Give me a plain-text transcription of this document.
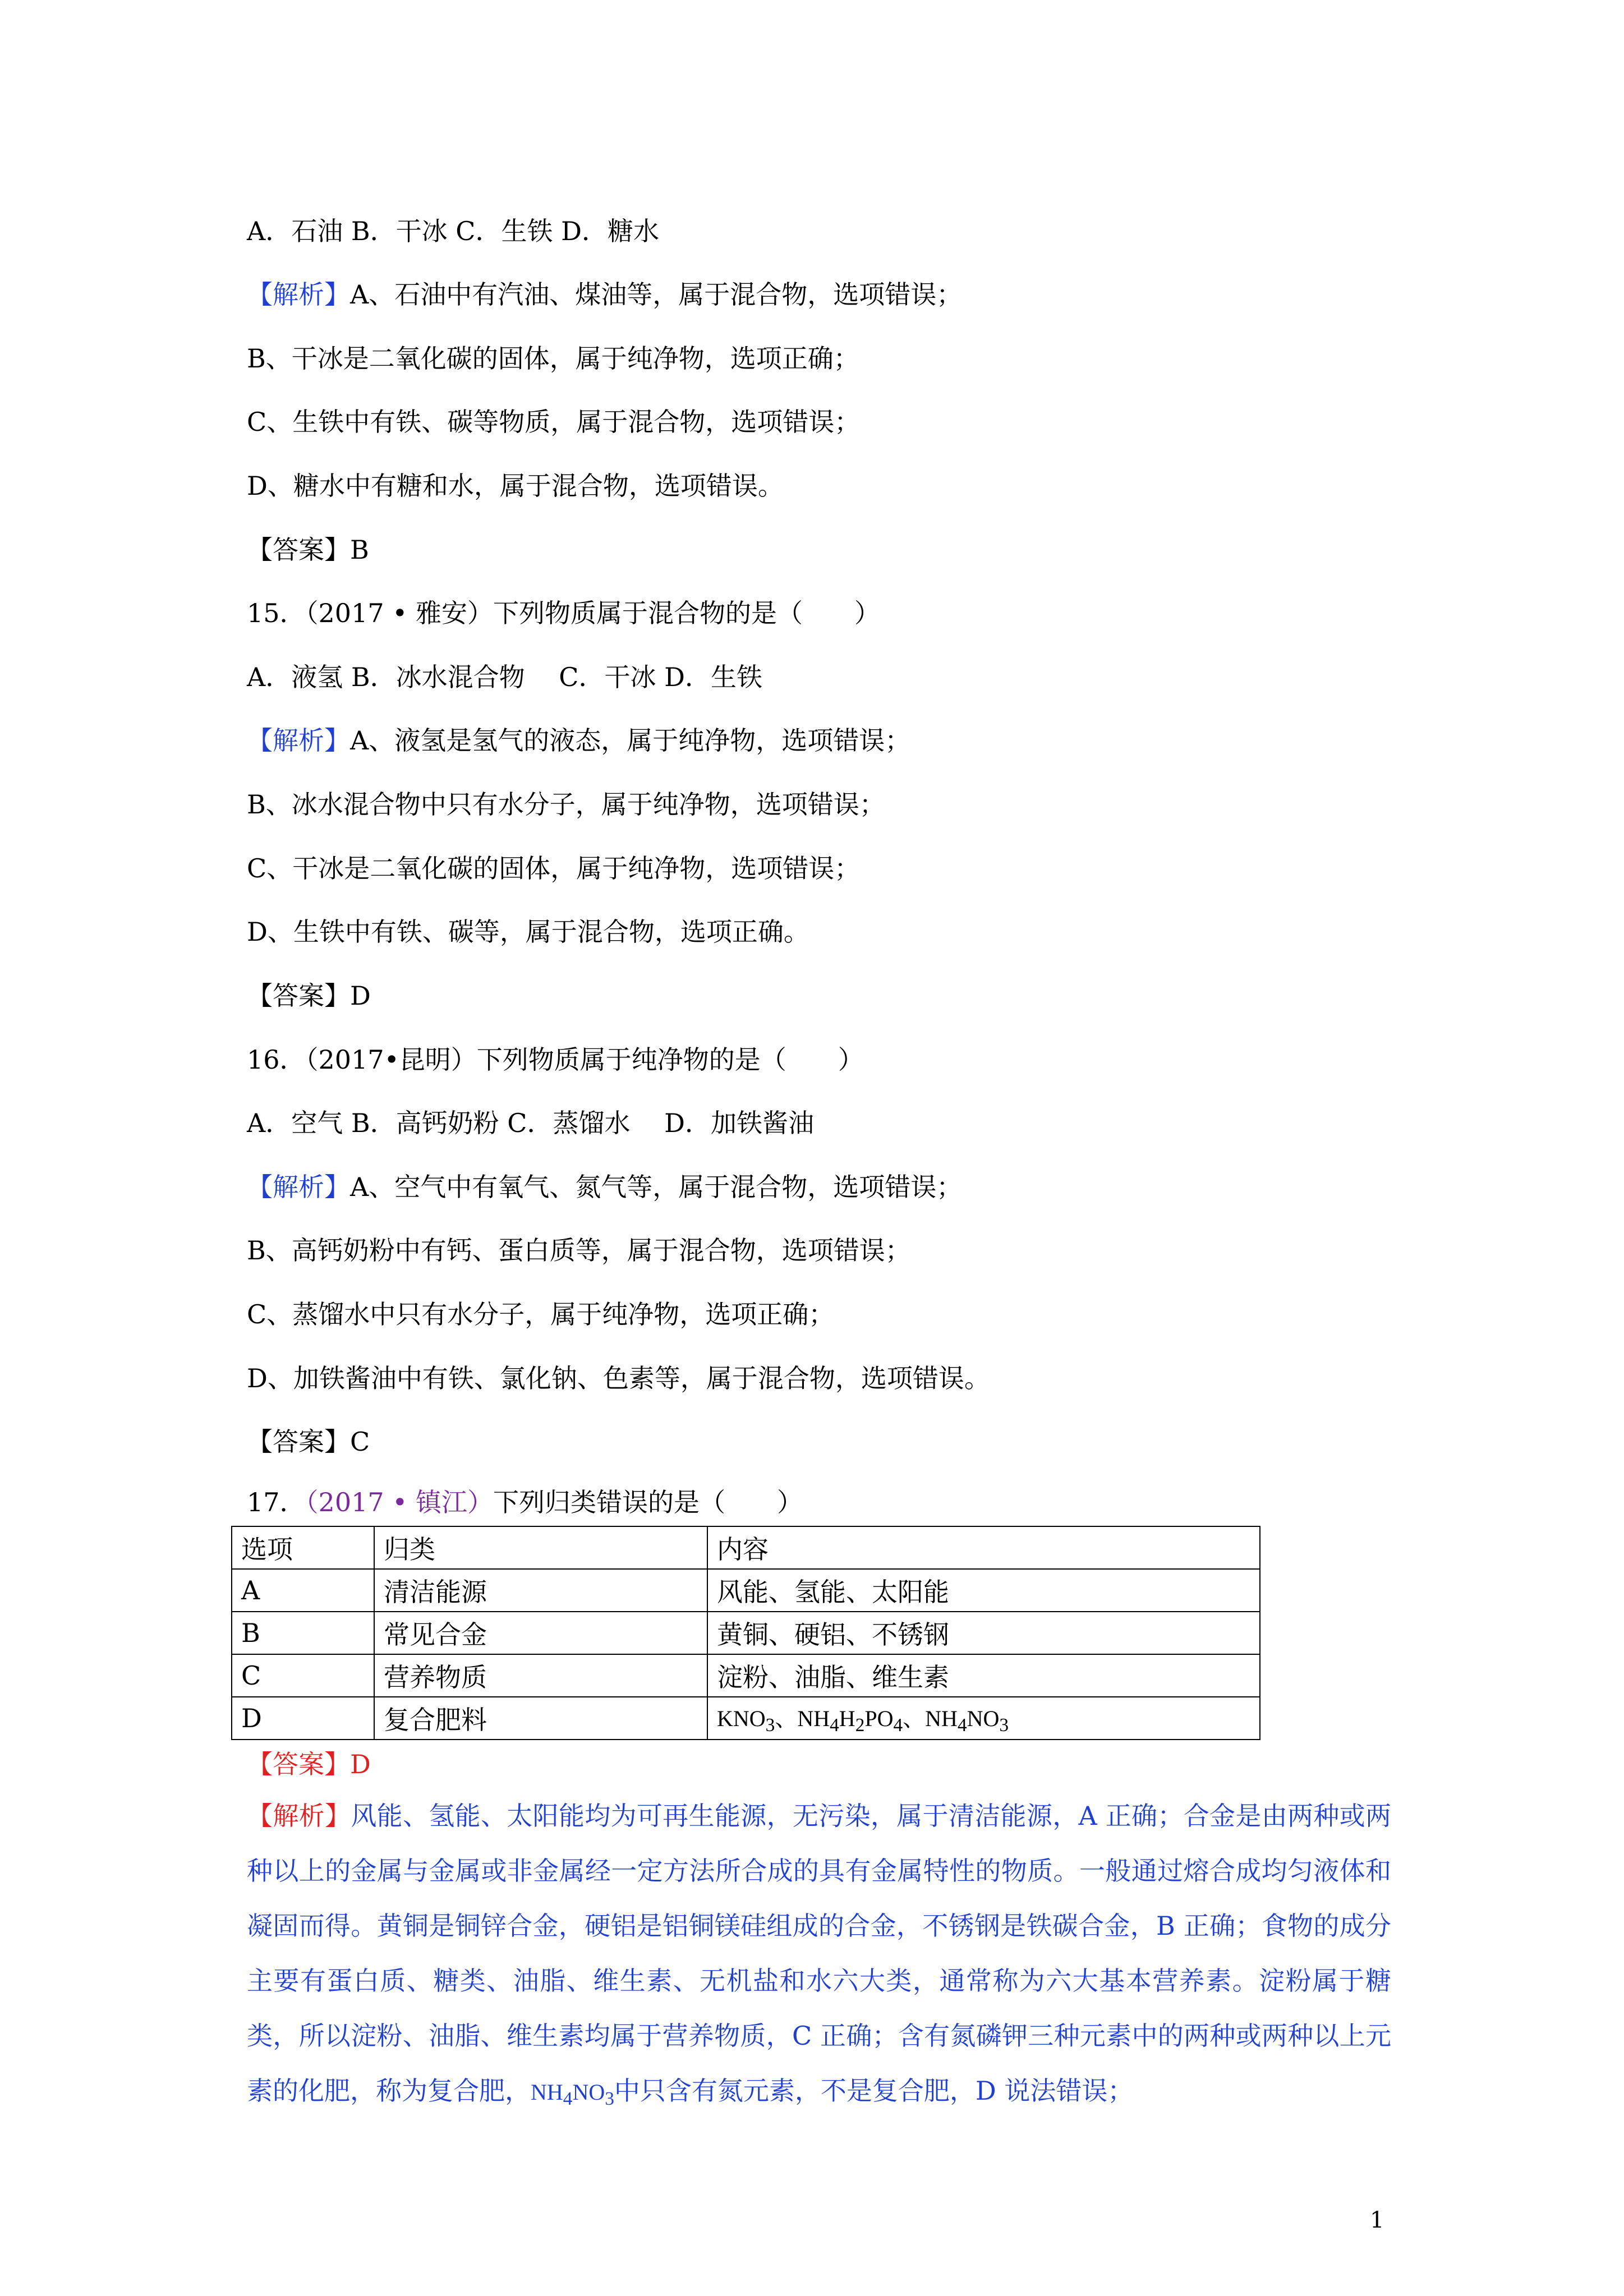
A．石油 B．干冰 C．生铁 D．糖水
【解析】A、石油中有汽油、煤油等，属于混合物，选项错误；
B、干冰是二氧化碳的固体，属于纯净物，选项正确；
C、生铁中有铁、碳等物质，属于混合物，选项错误；
D、糖水中有糖和水，属于混合物，选项错误。
【答案】B
15．（2017 • 雅安）下列物质属于混合物的是（　　）
A．液氢 B．冰水混合物　 C．干冰 D．生铁
【解析】A、液氢是氢气的液态，属于纯净物，选项错误；
B、冰水混合物中只有水分子，属于纯净物，选项错误；
C、干冰是二氧化碳的固体，属于纯净物，选项错误；
D、生铁中有铁、碳等，属于混合物，选项正确。
【答案】D
16．（2017•昆明）下列物质属于纯净物的是（　　）
A．空气 B．高钙奶粉 C．蒸馏水　 D．加铁酱油
【解析】A、空气中有氧气、氮气等，属于混合物，选项错误；
B、高钙奶粉中有钙、蛋白质等，属于混合物，选项错误；
C、蒸馏水中只有水分子，属于纯净物，选项正确；
D、加铁酱油中有铁、氯化钠、色素等，属于混合物，选项错误。
【答案】C
17．（2017 • 镇江）下列归类错误的是（　　）
选项	归类	内容
A	清洁能源	风能、氢能、太阳能
B	常见合金	黄铜、硬铝、不锈钢
C	营养物质	淀粉、油脂、维生素
D	复合肥料	$KNO_3$、$NH_4H_2PO_4$、$NH_4NO_3$
【答案】D
【解析】风能、氢能、太阳能均为可再生能源，无污染，属于清洁能源，A 正确；合金是由两种或两种以上的金属与金属或非金属经一定方法所合成的具有金属特性的物质。一般通过熔合成均匀液体和凝固而得。黄铜是铜锌合金，硬铝是铝铜镁硅组成的合金，不锈钢是铁碳合金，B 正确；食物的成分主要有蛋白质、糖类、油脂、维生素、无机盐和水六大类，通常称为六大基本营养素。淀粉属于糖类，所以淀粉、油脂、维生素均属于营养物质，C 正确；含有氮磷钾三种元素中的两种或两种以上元素的化肥，称为复合肥，$NH_4NO_3$中只含有氮元素，不是复合肥，D 说法错误；
1
